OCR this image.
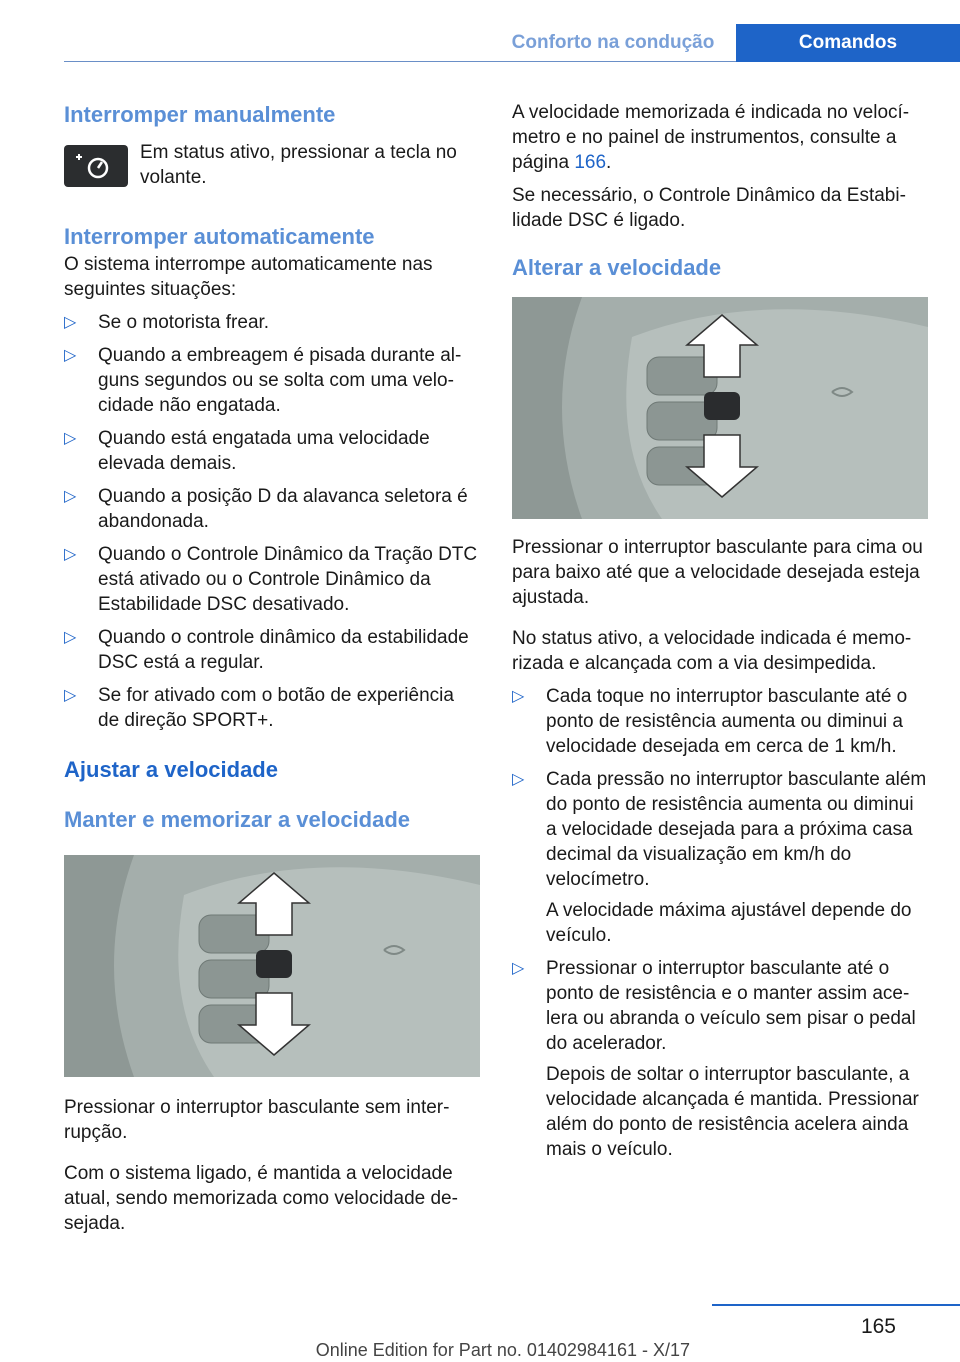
Conforto na condução	Comandos
Interromper manualmente

Em status ativo, pressionar a tecla no volante.

Interromper automaticamente

O sistema interrompe automaticamente nas seguintes situações:

▷ Se o motorista frear.
▷ Quando a embreagem é pisada durante alguns segundos ou se solta com uma velocidade não engatada.
▷ Quando está engatada uma velocidade elevada demais.
▷ Quando a posição D da alavanca seletora é abandonada.
▷ Quando o Controle Dinâmico da Tração DTC está ativado ou o Controle Dinâmico da Estabilidade DSC desativado.
▷ Quando o controle dinâmico da estabilidade DSC está a regular.
▷ Se for ativado com o botão de experiência de direção SPORT+.
Ajustar a velocidade
Manter e memorizar a velocidade

Pressionar o interruptor basculante sem interrupção.

Com o sistema ligado, é mantida a velocidade atual, sendo memorizada como velocidade desejada.

A velocidade memorizada é indicada no velocímetro e no painel de instrumentos, consulte a página 166.

Se necessário, o Controle Dinâmico da Estabilidade DSC é ligado.

Alterar a velocidade

Pressionar o interruptor basculante para cima ou para baixo até que a velocidade desejada esteja ajustada.

No status ativo, a velocidade indicada é memorizada e alcançada com a via desimpedida.

▷ Cada toque no interruptor basculante até o ponto de resistência aumenta ou diminui a velocidade desejada em cerca de 1 km/h.
▷ Cada pressão no interruptor basculante além do ponto de resistência aumenta ou diminui a velocidade desejada para a próxima casa decimal da visualização em km/h do velocímetro.
A velocidade máxima ajustável depende do veículo.
▷ Pressionar o interruptor basculante até o ponto de resistência e o manter assim acelera ou abranda o veículo sem pisar o pedal do acelerador.
Depois de soltar o interruptor basculante, a velocidade alcançada é mantida. Pressionar além do ponto de resistência acelera ainda mais o veículo.
165
Online Edition for Part no. 01402984161 - X/17
